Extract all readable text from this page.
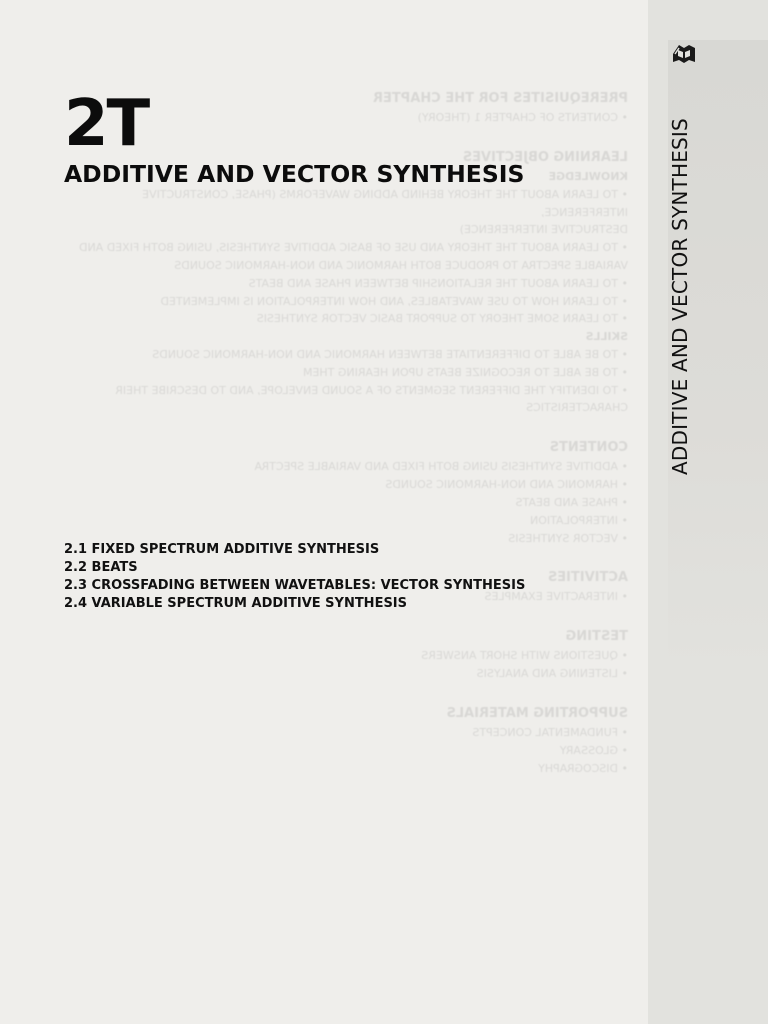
PREREQUISITES FOR THE CHAPTER
• CONTENTS OF CHAPTER 1 (THEORY)
LEARNING OBJECTIVES
KNOWLEDGE
• TO LEARN ABOUT THE THEORY BEHIND ADDING WAVEFORMS (PHASE, CONSTRUCTIVE INTERFERENCE,
DESTRUCTIVE INTERFERENCE)
• TO LEARN ABOUT THE THEORY AND USE OF BASIC ADDITIVE SYNTHESIS, USING BOTH FIXED AND
VARIABLE SPECTRA TO PRODUCE BOTH HARMONIC AND NON-HARMONIC SOUNDS
• TO LEARN ABOUT THE RELATIONSHIP BETWEEN PHASE AND BEATS
• TO LEARN HOW TO USE WAVETABLES, AND HOW INTERPOLATION IS IMPLEMENTED
• TO LEARN SOME THEORY TO SUPPORT BASIC VECTOR SYNTHESIS
SKILLS
• TO BE ABLE TO DIFFERENTIATE BETWEEN HARMONIC AND NON-HARMONIC SOUNDS
• TO BE ABLE TO RECOGNIZE BEATS UPON HEARING THEM
• TO IDENTIFY THE DIFFERENT SEGMENTS OF A SOUND ENVELOPE, AND TO DESCRIBE THEIR
CHARACTERISTICS
CONTENTS
• ADDITIVE SYNTHESIS USING BOTH FIXED AND VARIABLE SPECTRA
• HARMONIC AND NON-HARMONIC SOUNDS
• PHASE AND BEATS
• INTERPOLATION
• VECTOR SYNTHESIS
ACTIVITIES
• INTERACTIVE EXAMPLES
TESTING
• QUESTIONS WITH SHORT ANSWERS
• LISTENING AND ANALYSIS
SUPPORTING MATERIALS
• FUNDAMENTAL CONCEPTS
• GLOSSARY
• DISCOGRAPHY
2T
ADDITIVE AND VECTOR SYNTHESIS
2.1 FIXED SPECTRUM ADDITIVE SYNTHESIS
2.2 BEATS
2.3 CROSSFADING BETWEEN WAVETABLES: VECTOR SYNTHESIS
2.4 VARIABLE SPECTRUM ADDITIVE SYNTHESIS
ADDITIVE AND VECTOR SYNTHESIS
